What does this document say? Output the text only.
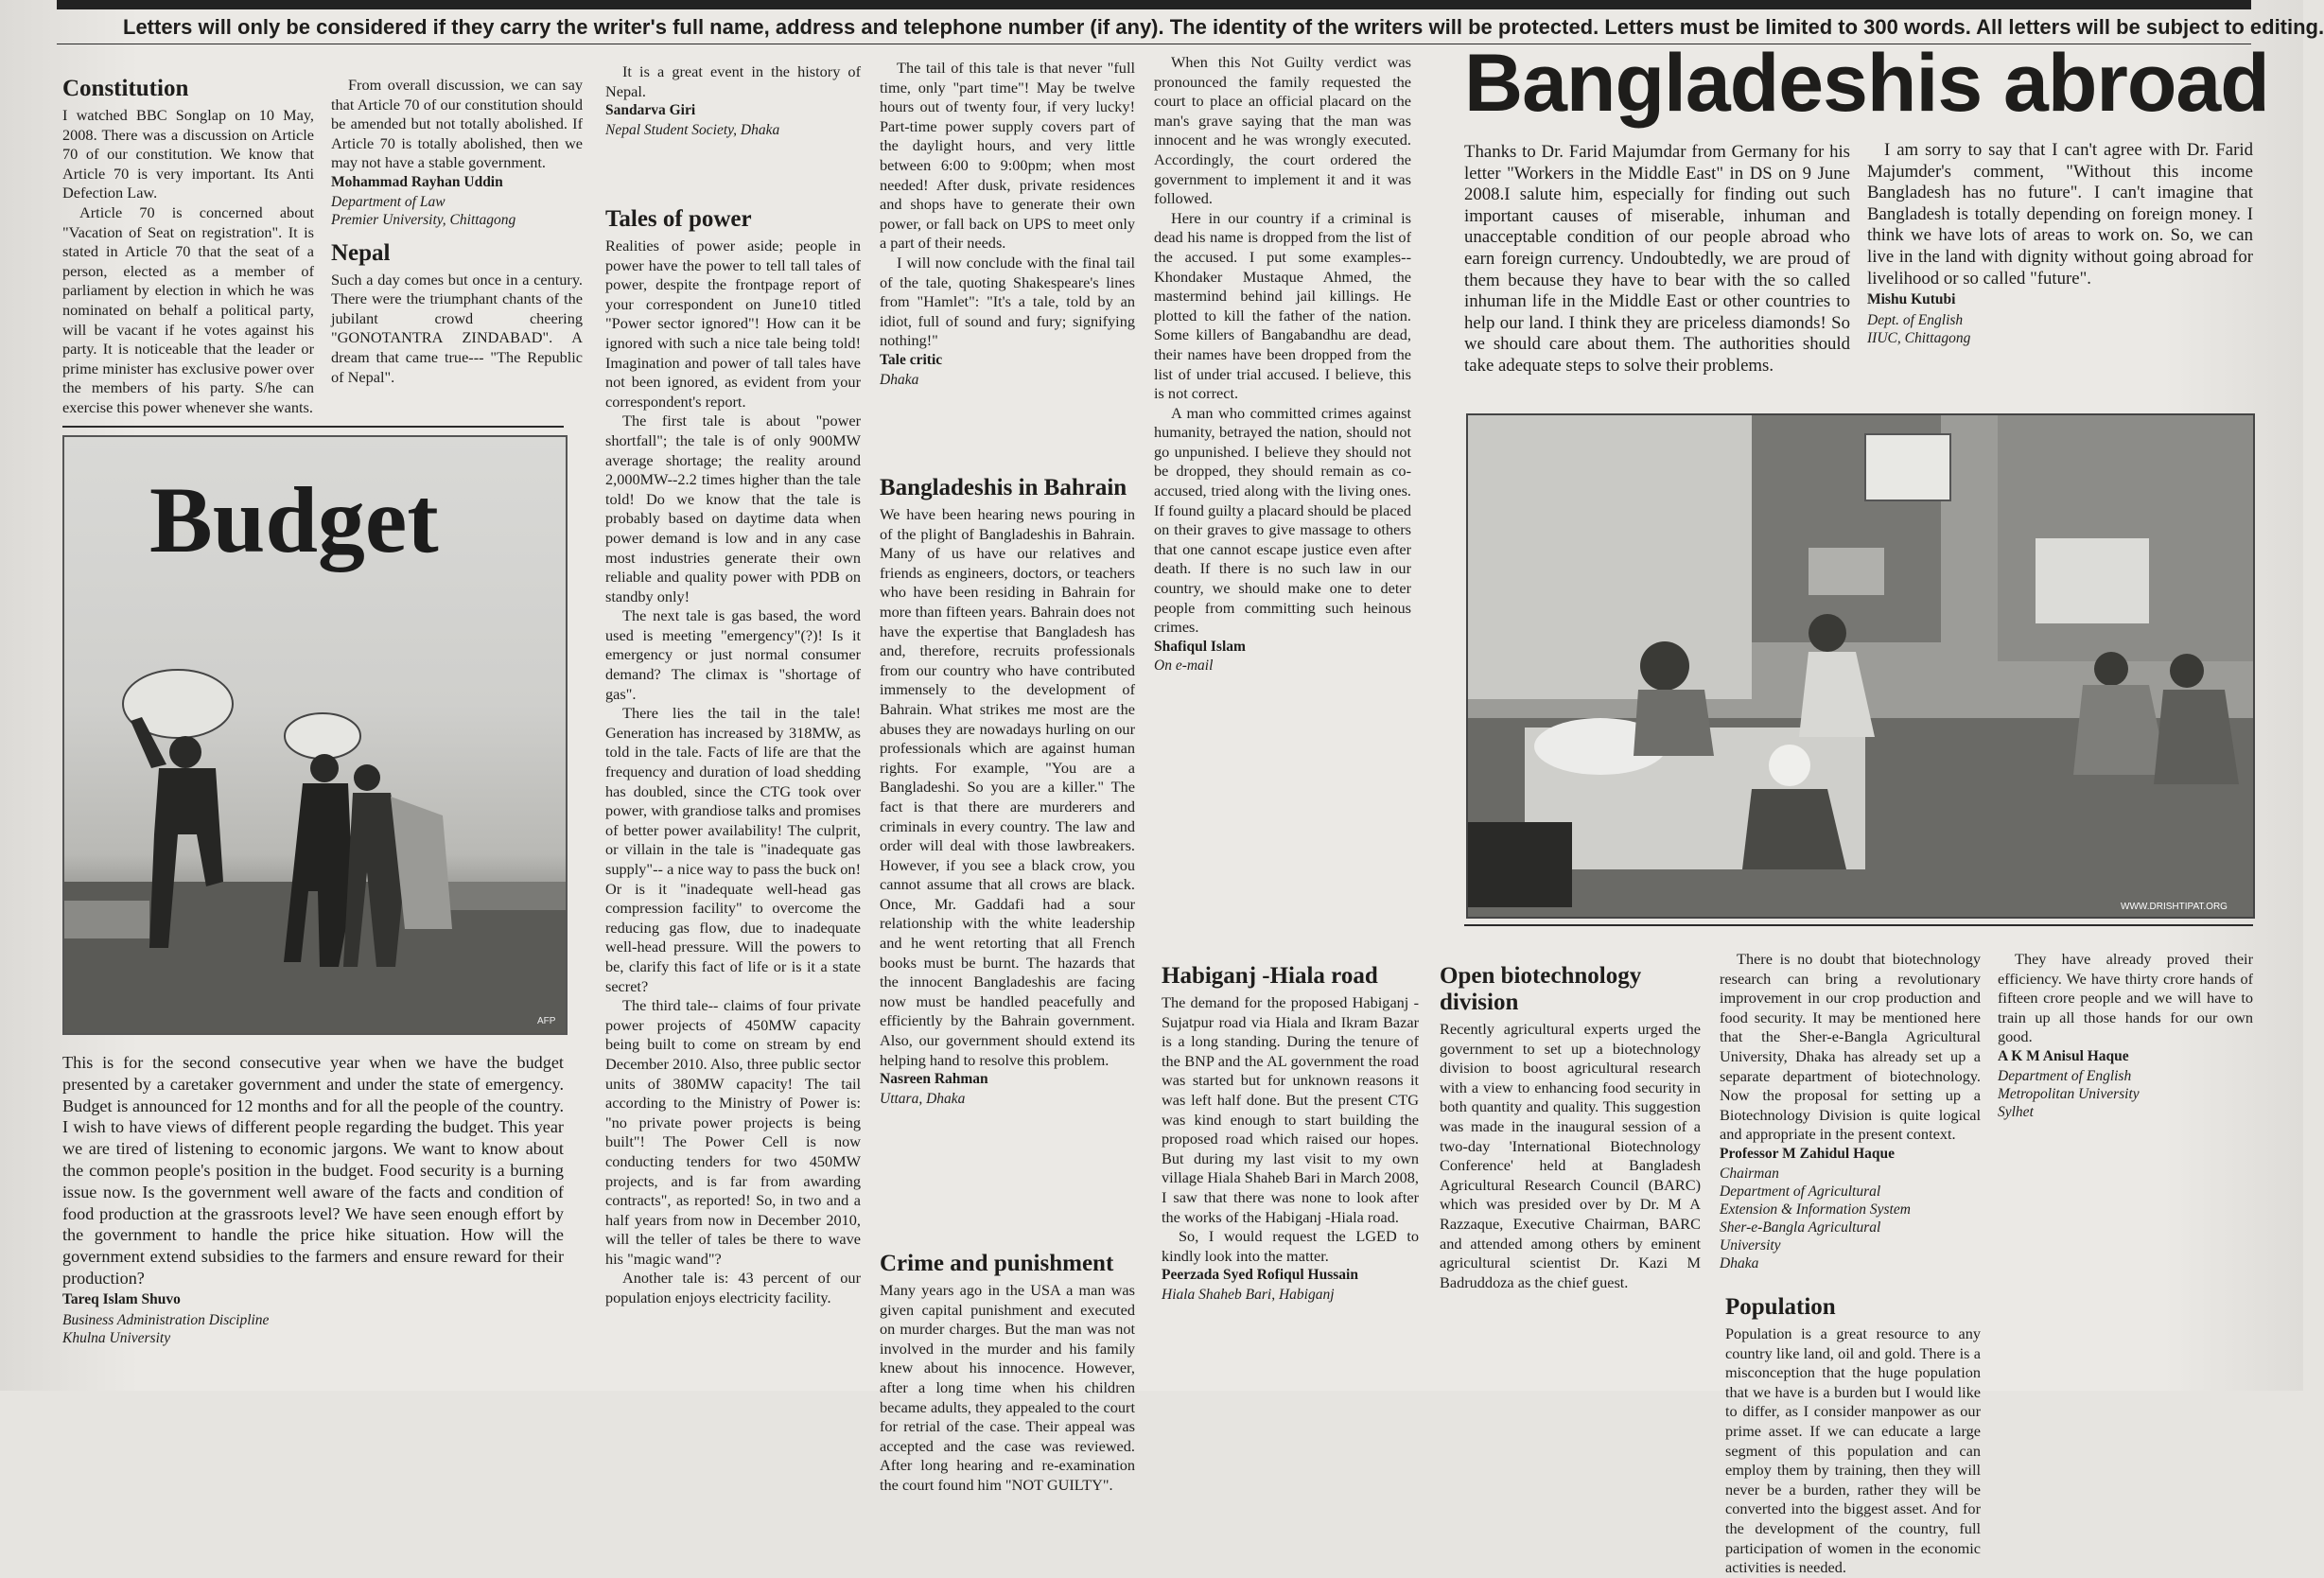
Letters will only be considered if they carry the writer's full name, address and telephone number (if any). The identity of the writers will be protected. Letters must be limited to 300 words. All letters will be subject to editing.
Constitution

I watched BBC Songlap on 10 May, 2008. There was a discussion on Article 70 of our constitution. We know that Article 70 is very important. Its Anti Defection Law.

Article 70 is concerned about "Vacation of Seat on registration". It is stated in Article 70 that the seat of a person, elected as a member of parliament by election in which he was nominated on behalf a political party, will be vacant if he votes against his party. It is noticeable that the leader or prime minister has exclusive power over the members of his party. S/he can exercise this power whenever she wants.

From overall discussion, we can say that Article 70 of our constitution should be amended but not totally abolished. If Article 70 is totally abolished, then we may not have a stable government.

Mohammad Rayhan Uddin
Department of Law
Premier University, Chittagong
Nepal

Such a day comes but once in a century. There were the triumphant chants of the jubilant crowd cheering "GONOTANTRA ZINDABAD". A dream that came true--- "The Republic of Nepal".

It is a great event in the history of Nepal.

Sandarva Giri
Nepal Student Society, Dhaka
Budget
AFP

This is for the second consecutive year when we have the budget presented by a caretaker government and under the state of emergency. Budget is announced for 12 months and for all the people of the country. I wish to have views of different people regarding the budget. This year we are tired of listening to economic jargons. We want to know about the common people's position in the budget. Food security is a burning issue now. Is the government well aware of the facts and condition of food production at the grassroots level? We have seen enough effort by the government to handle the price hike situation. How will the government extend subsidies to the farmers and ensure reward for their production?

Tareq Islam Shuvo
Business Administration Discipline
Khulna University
Tales of power

Realities of power aside; people in power have the power to tell tall tales of power, despite the frontpage report of your correspondent on June10 titled "Power sector ignored"! How can it be ignored with such a nice tale being told! Imagination and power of tall tales have not been ignored, as evident from your correspondent's report.

The first tale is about "power shortfall"; the tale is of only 900MW average shortage; the reality around 2,000MW--2.2 times higher than the tale told! Do we know that the tale is probably based on daytime data when power demand is low and in any case most industries generate their own reliable and quality power with PDB on standby only!

The next tale is gas based, the word used is meeting "emergency"(?)! Is it emergency or just normal consumer demand? The climax is "shortage of gas".

There lies the tail in the tale! Generation has increased by 318MW, as told in the tale. Facts of life are that the frequency and duration of load shedding has doubled, since the CTG took over power, with grandiose talks and promises of better power availability! The culprit, or villain in the tale is "inadequate gas supply"-- a nice way to pass the buck on! Or is it "inadequate well-head gas compression facility" to overcome the reducing gas flow, due to inadequate well-head pressure. Will the powers to be, clarify this fact of life or is it a state secret?

The third tale-- claims of four private power projects of 450MW capacity being built to come on stream by end December 2010. Also, three public sector units of 380MW capacity! The tail according to the Ministry of Power is: "no private power projects is being built"! The Power Cell is now conducting tenders for two 450MW projects, and is far from awarding contracts", as reported! So, in two and a half years from now in December 2010, will the teller of tales be there to wave his "magic wand"?

Another tale is: 43 percent of our population enjoys electricity facility.

The tail of this tale is that never "full time, only "part time"! May be twelve hours out of twenty four, if very lucky! Part-time power supply covers part of the daylight hours, and very little between 6:00 to 9:00pm; when most needed! After dusk, private residences and shops have to generate their own power, or fall back on UPS to meet only a part of their needs.

I will now conclude with the final tail of the tale, quoting Shakespeare's lines from "Hamlet": "It's a tale, told by an idiot, full of sound and fury; signifying nothing!"

Tale critic
Dhaka
Bangladeshis in Bahrain

We have been hearing news pouring in of the plight of Bangladeshis in Bahrain. Many of us have our relatives and friends as engineers, doctors, or teachers who have been residing in Bahrain for more than fifteen years. Bahrain does not have the expertise that Bangladesh has and, therefore, recruits professionals from our country who have contributed immensely to the development of Bahrain. What strikes me most are the abuses they are nowadays hurling on our professionals which are against human rights. For example, "You are a Bangladeshi. So you are a killer." The fact is that there are murderers and criminals in every country. The law and order will deal with those lawbreakers. However, if you see a black crow, you cannot assume that all crows are black. Once, Mr. Gaddafi had a sour relationship with the white leadership and he went retorting that all French books must be burnt. The hazards that the innocent Bangladeshis are facing now must be handled peacefully and efficiently by the Bahrain government. Also, our government should extend its helping hand to resolve this problem.

Nasreen Rahman
Uttara, Dhaka
Crime and punishment

Many years ago in the USA a man was given capital punishment and executed on murder charges. But the man was not involved in the murder and his family knew about his innocence. However, after a long time when his children became adults, they appealed to the court for retrial of the case. Their appeal was accepted and the case was reviewed. After long hearing and re-examination the court found him "NOT GUILTY".

When this Not Guilty verdict was pronounced the family requested the court to place an official placard on the man's grave saying that the man was innocent and he was wrongly executed. Accordingly, the court ordered the government to implement it and it was followed.

Here in our country if a criminal is dead his name is dropped from the list of the accused. I put some examples-- Khondaker Mustaque Ahmed, the mastermind behind jail killings. He plotted to kill the father of the nation. Some killers of Bangabandhu are dead, their names have been dropped from the list of under trial accused. I believe, this is not correct.

A man who committed crimes against humanity, betrayed the nation, should not go unpunished. I believe they should not be dropped, they should remain as co-accused, tried along with the living ones. If found guilty a placard should be placed on their graves to give massage to others that one cannot escape justice even after death. If there is no such law in our country, we should make one to deter people from committing such heinous crimes.

Shafiqul Islam
On e-mail
Habiganj -Hiala road

The demand for the proposed Habiganj - Sujatpur road via Hiala and Ikram Bazar is a long standing. During the tenure of the BNP and the AL government the road was started but for unknown reasons it was left half done. But the present CTG was kind enough to start building the proposed road which raised our hopes. But during my last visit to my own village Hiala Shaheb Bari in March 2008, I saw that there was none to look after the works of the Habiganj -Hiala road.

So, I would request the LGED to kindly look into the matter.

Peerzada Syed Rofiqul Hussain
Hiala Shaheb Bari, Habiganj
Bangladeshis abroad

Thanks to Dr. Farid Majumdar from Germany for his letter "Workers in the Middle East" in DS on 9 June 2008.I salute him, especially for finding out such important causes of miserable, inhuman and unacceptable condition of our people abroad who earn foreign currency. Undoubtedly, we are proud of them because they have to bear with the so called inhuman life in the Middle East or other countries to help our land. I think they are priceless diamonds! So we should care about them. The authorities should take adequate steps to solve their problems.

I am sorry to say that I can't agree with Dr. Farid Majumder's comment, "Without this income Bangladesh has no future". I can't imagine that Bangladesh is totally depending on foreign money. I think we have lots of areas to work on. So, we can live in the land with dignity without going abroad for livelihood or so called "future".

Mishu Kutubi
Dept. of English
IIUC, Chittagong
WWW.DRISHTIPAT.ORG
Open biotechnology division

Recently agricultural experts urged the government to set up a biotechnology division to boost agricultural research with a view to enhancing food security in both quantity and quality. This suggestion was made in the inaugural session of a two-day 'International Biotechnology Conference' held at Bangladesh Agricultural Research Council (BARC) which was presided over by Dr. M A Razzaque, Executive Chairman, BARC and attended among others by eminent agricultural scientist Dr. Kazi M Badruddoza as the chief guest.

There is no doubt that biotechnology research can bring a revolutionary improvement in our crop production and food security. It may be mentioned here that the Sher-e-Bangla Agricultural University, Dhaka has already set up a separate department of biotechnology. Now the proposal for setting up a Biotechnology Division is quite logical and appropriate in the present context.

Professor M Zahidul Haque
Chairman
Department of Agricultural
Extension & Information System
Sher-e-Bangla Agricultural
University
Dhaka
Population

Population is a great resource to any country like land, oil and gold. There is a misconception that the huge population that we have is a burden but I would like to differ, as I consider manpower as our prime asset. If we can educate a large segment of this population and can employ them by training, then they will never be a burden, rather they will be converted into the biggest asset. And for the development of the country, full participation of women in the economic activities is needed.

They have already proved their efficiency. We have thirty crore hands of fifteen crore people and we will have to train up all those hands for our own good.

A K M Anisul Haque
Department of English
Metropolitan University
Sylhet
